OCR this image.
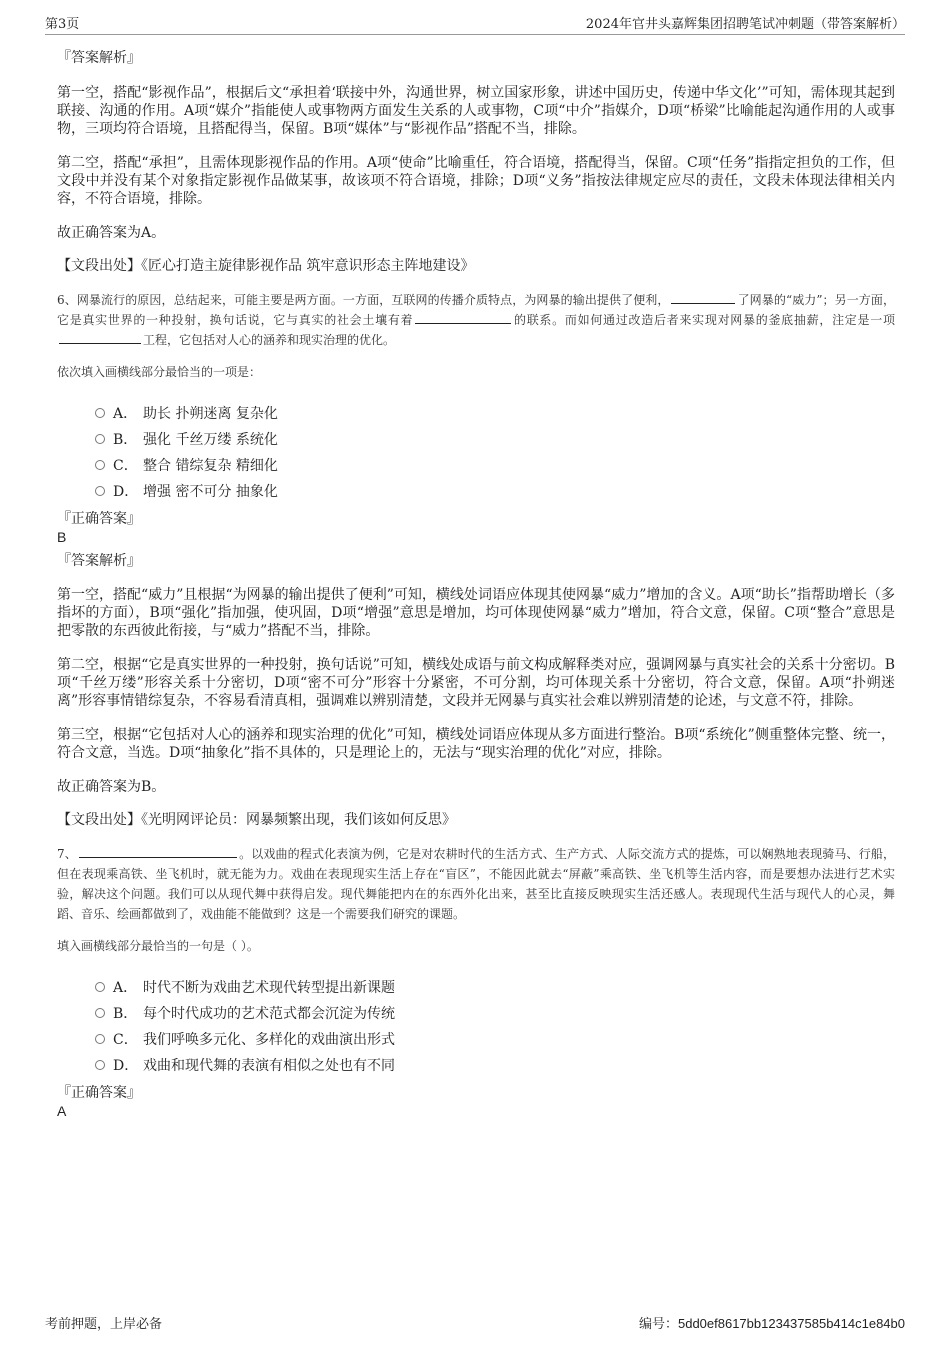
第3页	2024年官井头嘉辉集团招聘笔试冲刺题（带答案解析）
『答案解析』

第一空，搭配“影视作品”，根据后文“承担着‘联接中外，沟通世界，树立国家形象，讲述中国历史，传递中华文化’”可知，需体现其起到联接、沟通的作用。A项“媒介”指能使人或事物两方面发生关系的人或事物，C项“中介”指媒介，D项“桥梁”比喻能起沟通作用的人或事物，三项均符合语境，且搭配得当，保留。B项“媒体”与“影视作品”搭配不当，排除。

第二空，搭配“承担”，且需体现影视作品的作用。A项“使命”比喻重任，符合语境，搭配得当，保留。C项“任务”指指定担负的工作，但文段中并没有某个对象指定影视作品做某事，故该项不符合语境，排除；D项“义务”指按法律规定应尽的责任，文段未体现法律相关内容，不符合语境，排除。

故正确答案为A。

【文段出处】《匠心打造主旋律影视作品 筑牢意识形态主阵地建设》

6、网暴流行的原因，总结起来，可能主要是两方面。一方面，互联网的传播介质特点，为网暴的输出提供了便利，	了网暴的“威力”；另一方面，它是真实世界的一种投射，换句话说，它与真实的社会土壤有着	的联系。而如何通过改造后者来实现对网暴的釜底抽薪，注定是一项工程，它包括对人心的涵养和现实治理的优化。

依次填入画横线部分最恰当的一项是：

A． 助长 扑朔迷离 复杂化
B． 强化 千丝万缕 系统化
C． 整合 错综复杂 精细化
D． 增强 密不可分 抽象化
『正确答案』
B
『答案解析』

第一空，搭配“威力”且根据“为网暴的输出提供了便利”可知，横线处词语应体现其使网暴“威力”增加的含义。A项“助长”指帮助增长（多指坏的方面），B项“强化”指加强，使巩固，D项“增强”意思是增加，均可体现使网暴“威力”增加，符合文意，保留。C项“整合”意思是把零散的东西彼此衔接，与“威力”搭配不当，排除。

第二空，根据“它是真实世界的一种投射，换句话说”可知，横线处成语与前文构成解释类对应，强调网暴与真实社会的关系十分密切。B项“千丝万缕”形容关系十分密切，D项“密不可分”形容十分紧密，不可分割，均可体现关系十分密切，符合文意，保留。A项“扑朔迷离”形容事情错综复杂，不容易看清真相，强调难以辨别清楚，文段并无网暴与真实社会难以辨别清楚的论述，与文意不符，排除。

第三空，根据“它包括对人心的涵养和现实治理的优化”可知，横线处词语应体现从多方面进行整治。B项“系统化”侧重整体完整、统一，符合文意，当选。D项“抽象化”指不具体的，只是理论上的，无法与“现实治理的优化”对应，排除。

故正确答案为B。

【文段出处】《光明网评论员：网暴频繁出现，我们该如何反思》

7、	。以戏曲的程式化表演为例，它是对农耕时代的生活方式、生产方式、人际交流方式的提炼，可以娴熟地表现骑马、行船，但在表现乘高铁、坐飞机时，就无能为力。戏曲在表现现实生活上存在“盲区”，不能因此就去“屏蔽”乘高铁、坐飞机等生活内容，而是要想办法进行艺术实验，解决这个问题。我们可以从现代舞中获得启发。现代舞能把内在的东西外化出来，甚至比直接反映现实生活还感人。表现现代生活与现代人的心灵，舞蹈、音乐、绘画都做到了，戏曲能不能做到？这是一个需要我们研究的课题。

填入画横线部分最恰当的一句是（ ）。

A． 时代不断为戏曲艺术现代转型提出新课题
B． 每个时代成功的艺术范式都会沉淀为传统
C． 我们呼唤多元化、多样化的戏曲演出形式
D． 戏曲和现代舞的表演有相似之处也有不同
『正确答案』
A
考前押题，上岸必备	编号：5dd0ef8617bb123437585b414c1e84b0
